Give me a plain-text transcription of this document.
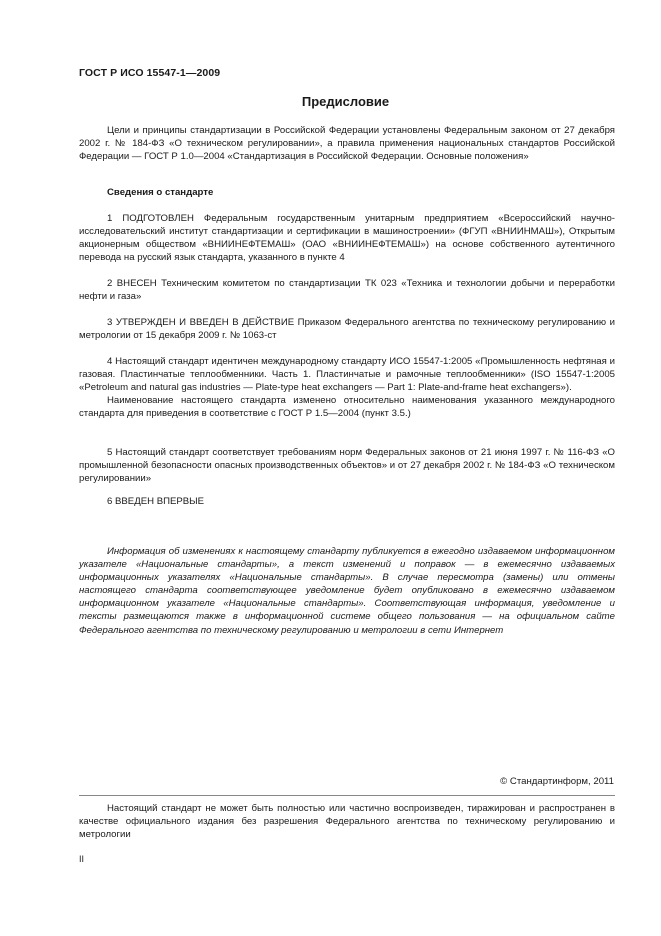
ГОСТ Р ИСО 15547-1—2009
Предисловие

Цели и принципы стандартизации в Российской Федерации установлены Федеральным законом от 27 декабря 2002 г. № 184-ФЗ «О техническом регулировании», а правила применения национальных стандартов Российской Федерации — ГОСТ Р 1.0—2004 «Стандартизация в Российской Федерации. Основные положения»

Сведения о стандарте

1 ПОДГОТОВЛЕН Федеральным государственным унитарным предприятием «Всероссийский научно-исследовательский институт стандартизации и сертификации в машиностроении» (ФГУП «ВНИИНМАШ»), Открытым акционерным обществом «ВНИИНЕФТЕМАШ» (ОАО «ВНИИНЕФТЕМАШ») на основе собственного аутентичного перевода на русский язык стандарта, указанного в пункте 4

2 ВНЕСЕН Техническим комитетом по стандартизации ТК 023 «Техника и технологии добычи и переработки нефти и газа»

3 УТВЕРЖДЕН И ВВЕДЕН В ДЕЙСТВИЕ Приказом Федерального агентства по техническому регулированию и метрологии от 15 декабря 2009 г. № 1063-ст

4 Настоящий стандарт идентичен международному стандарту ИСО 15547-1:2005 «Промышленность нефтяная и газовая. Пластинчатые теплообменники. Часть 1. Пластинчатые и рамочные теплообменники» (ISO 15547-1:2005 «Petroleum and natural gas industries — Plate-type heat exchangers — Part 1: Plate-and-frame heat exchangers»).

Наименование настоящего стандарта изменено относительно наименования указанного международного стандарта для приведения в соответствие с ГОСТ Р 1.5—2004 (пункт 3.5.)

5 Настоящий стандарт соответствует требованиям норм Федеральных законов от 21 июня 1997 г. № 116-ФЗ «О промышленной безопасности опасных производственных объектов» и от 27 декабря 2002 г. № 184-ФЗ «О техническом регулировании»

6 ВВЕДЕН ВПЕРВЫЕ

Информация об изменениях к настоящему стандарту публикуется в ежегодно издаваемом информационном указателе «Национальные стандарты», а текст изменений и поправок — в ежемесячно издаваемых информационных указателях «Национальные стандарты». В случае пересмотра (замены) или отмены настоящего стандарта соответствующее уведомление будет опубликовано в ежемесячно издаваемом информационном указателе «Национальные стандарты». Соответствующая информация, уведомление и тексты размещаются также в информационной системе общего пользования — на официальном сайте Федерального агентства по техническому регулированию и метрологии в сети Интернет

© Стандартинформ, 2011

Настоящий стандарт не может быть полностью или частично воспроизведен, тиражирован и распространен в качестве официального издания без разрешения Федерального агентства по техническому регулированию и метрологии

II
